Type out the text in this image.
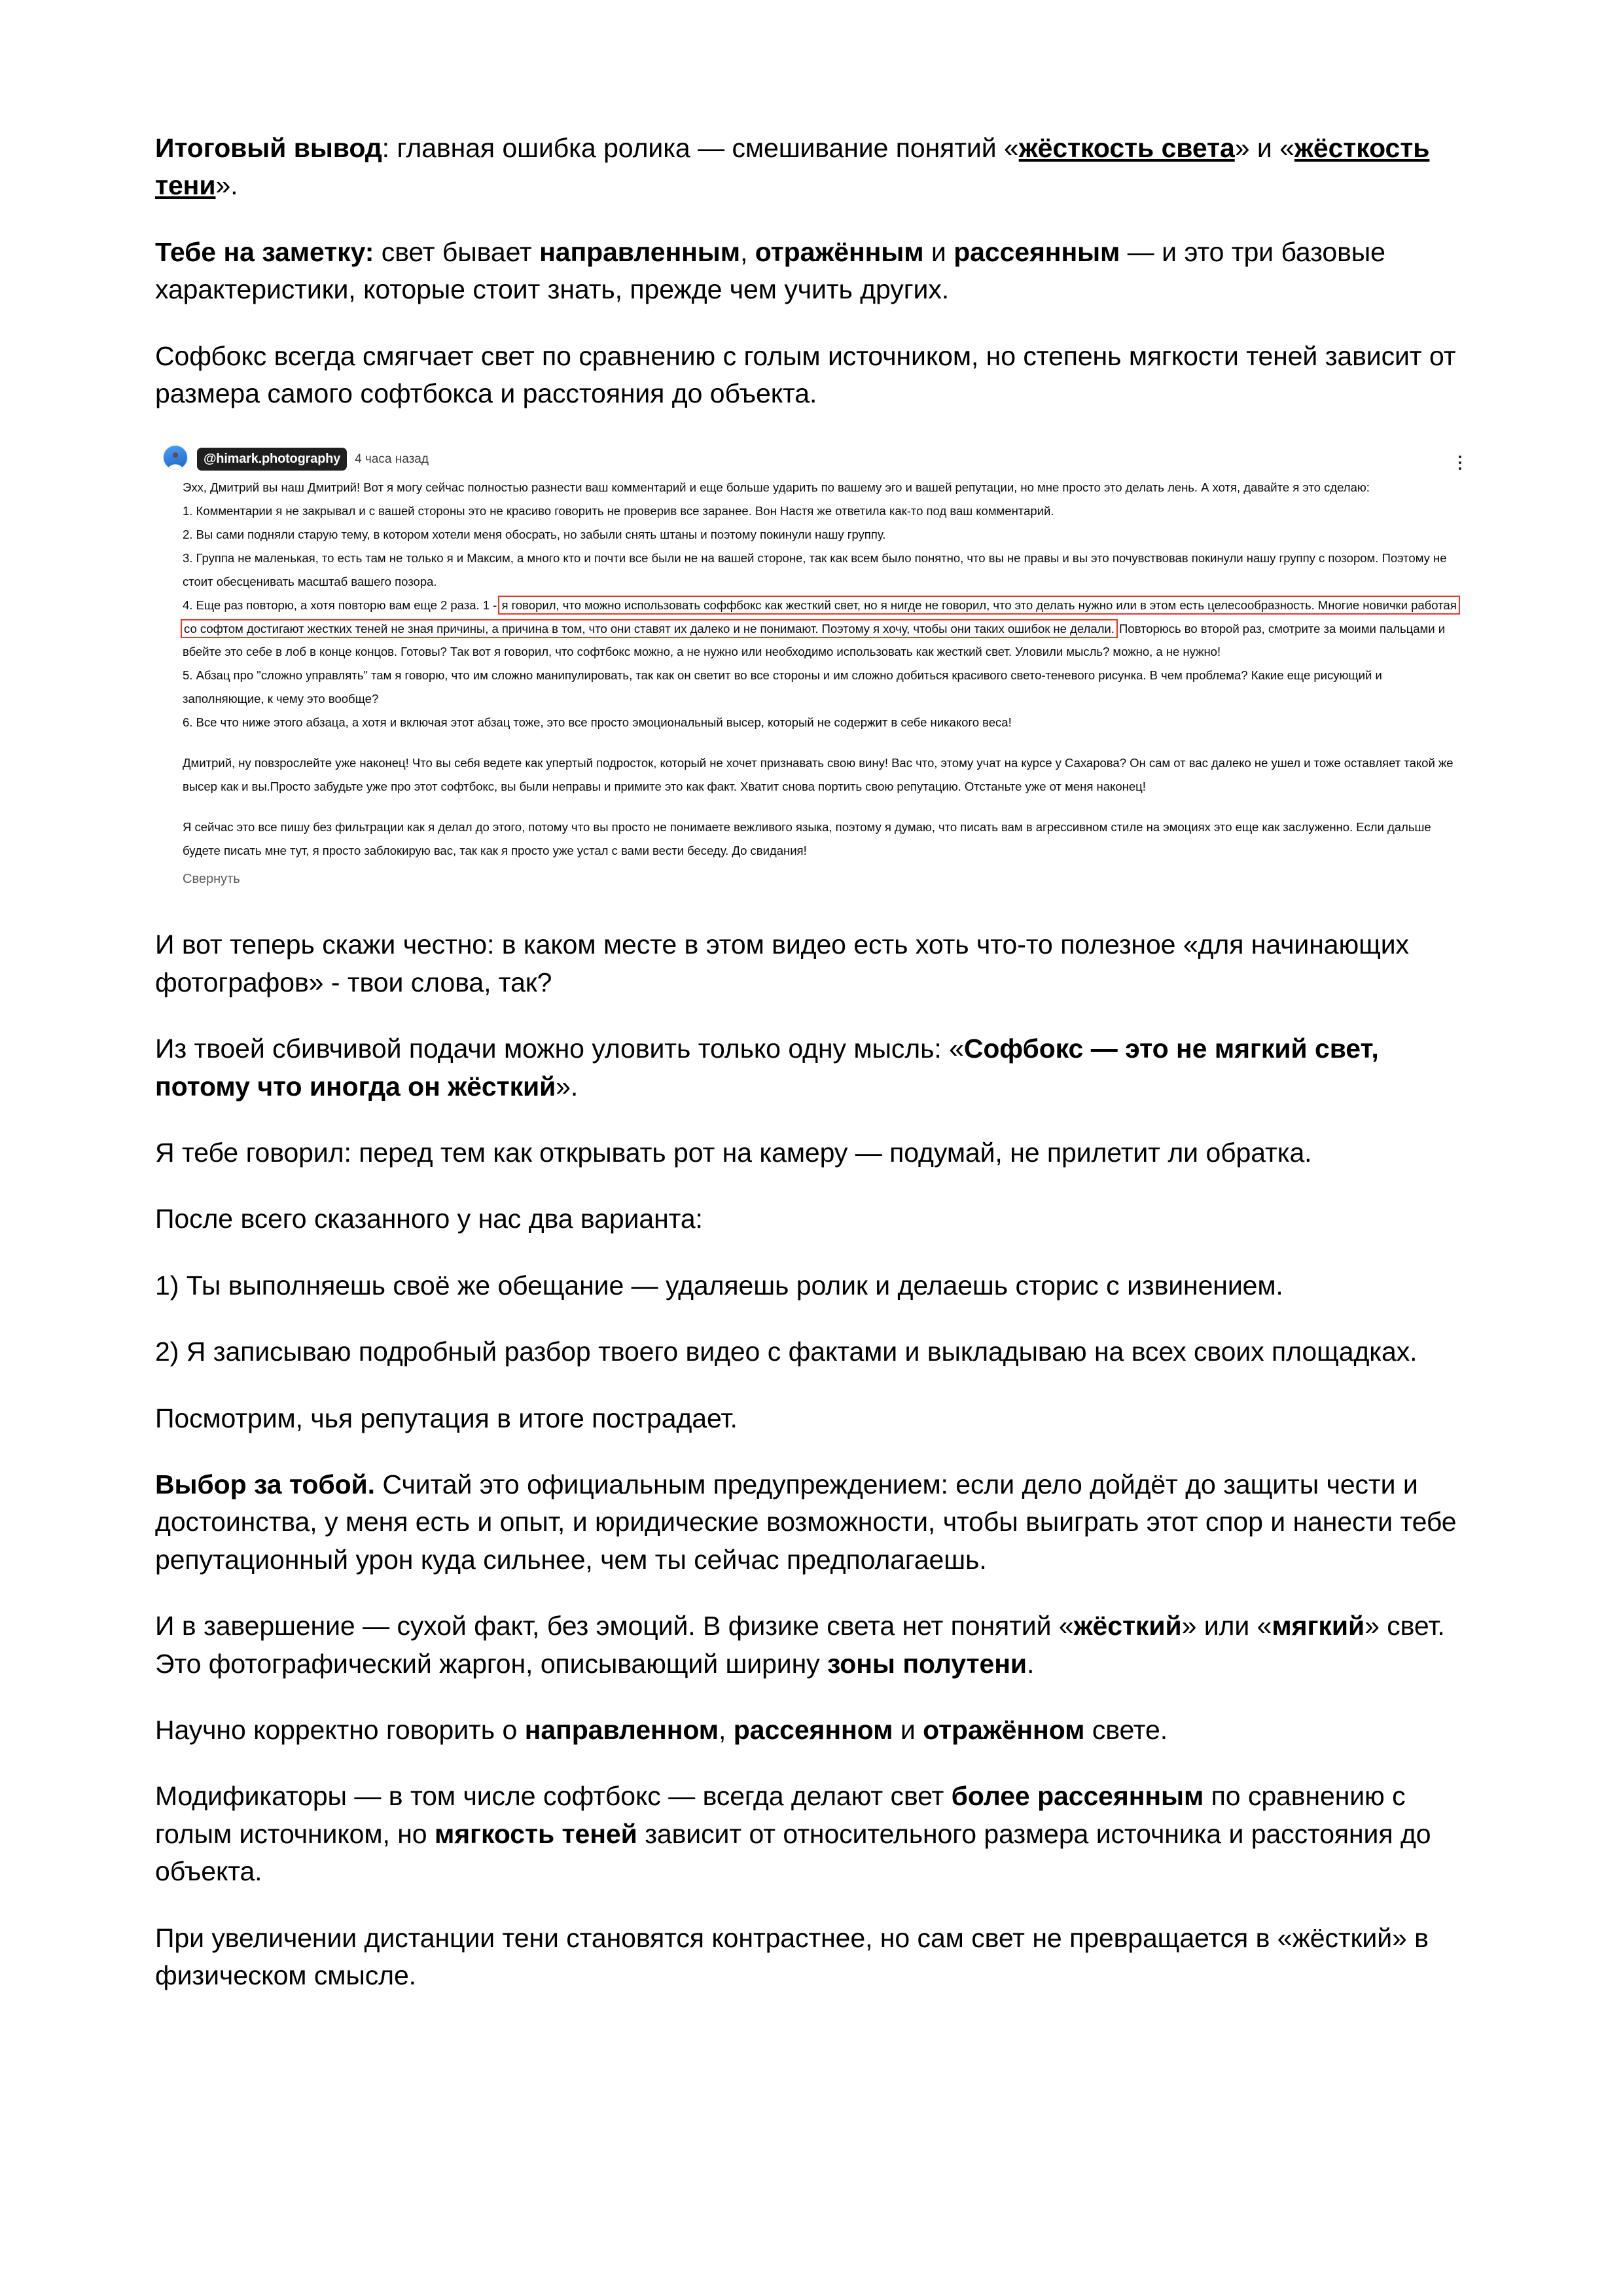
Итоговый вывод: главная ошибка ролика — смешивание понятий «жёсткость света» и «жёсткость тени».

Тебе на заметку: свет бывает направленным, отражённым и рассеянным — и это три базовые характеристики, которые стоит знать, прежде чем учить других.

Софбокс всегда смягчает свет по сравнению с голым источником, но степень мягкости теней зависит от размера самого софтбокса и расстояния до объекта.

@himark.photography	4 часа назад

Эхх, Дмитрий вы наш Дмитрий! Вот я могу сейчас полностью разнести ваш комментарий и еще больше ударить по вашему эго и вашей репутации, но мне просто это делать лень. А хотя, давайте я это сделаю:

1. Комментарии я не закрывал и с вашей стороны это не красиво говорить не проверив все заранее. Вон Настя же ответила как-то под ваш комментарий.

2. Вы сами подняли старую тему, в котором хотели меня обосрать, но забыли снять штаны и поэтому покинули нашу группу.

3. Группа не маленькая, то есть там не только я и Максим, а много кто и почти все были не на вашей стороне, так как всем было понятно, что вы не правы и вы это почувствовав покинули нашу группу с позором. Поэтому не стоит обесценивать масштаб вашего позора.

4. Еще раз повторю, а хотя повторю вам еще 2 раза. 1 - я говорил, что можно использовать соффбокс как жесткий свет, но я нигде не говорил, что это делать нужно или в этом есть целесообразность. Многие новички работая со софтом достигают жестких теней не зная причины, а причина в том, что они ставят их далеко и не понимают. Поэтому я хочу, чтобы они таких ошибок не делали. Повторюсь во второй раз, смотрите за моими пальцами и вбейте это себе в лоб в конце концов. Готовы? Так вот я говорил, что софтбокс можно, а не нужно или необходимо использовать как жесткий свет. Уловили мысль? можно, а не нужно!

5. Абзац про "сложно управлять" там я говорю, что им сложно манипулировать, так как он светит во все стороны и им сложно добиться красивого свето-теневого рисунка. В чем проблема? Какие еще рисующий и заполняющие, к чему это вообще?

6. Все что ниже этого абзаца, а хотя и включая этот абзац тоже, это все просто эмоциональный высер, который не содержит в себе никакого веса!

Дмитрий, ну повзрослейте уже наконец! Что вы себя ведете как упертый подросток, который не хочет признавать свою вину! Вас что, этому учат на курсе у Сахарова? Он сам от вас далеко не ушел и тоже оставляет такой же высер как и вы.Просто забудьте уже про этот софтбокс, вы были неправы и примите это как факт. Хватит снова портить свою репутацию. Отстаньте уже от меня наконец!

Я сейчас это все пишу без фильтрации как я делал до этого, потому что вы просто не понимаете вежливого языка, поэтому я думаю, что писать вам в агрессивном стиле на эмоциях это еще как заслуженно. Если дальше будете писать мне тут, я просто заблокирую вас, так как я просто уже устал с вами вести беседу. До свидания!

Свернуть

И вот теперь скажи честно: в каком месте в этом видео есть хоть что-то полезное «для начинающих фотографов» - твои слова, так?

Из твоей сбивчивой подачи можно уловить только одну мысль: «Софбокс — это не мягкий свет, потому что иногда он жёсткий».

Я тебе говорил: перед тем как открывать рот на камеру — подумай, не прилетит ли обратка.

После всего сказанного у нас два варианта:

1) Ты выполняешь своё же обещание — удаляешь ролик и делаешь сторис с извинением.

2) Я записываю подробный разбор твоего видео с фактами и выкладываю на всех своих площадках.

Посмотрим, чья репутация в итоге пострадает.

Выбор за тобой. Считай это официальным предупреждением: если дело дойдёт до защиты чести и достоинства, у меня есть и опыт, и юридические возможности, чтобы выиграть этот спор и нанести тебе репутационный урон куда сильнее, чем ты сейчас предполагаешь.

И в завершение — сухой факт, без эмоций. В физике света нет понятий «жёсткий» или «мягкий» свет. Это фотографический жаргон, описывающий ширину зоны полутени.

Научно корректно говорить о направленном, рассеянном и отражённом свете.

Модификаторы — в том числе софтбокс — всегда делают свет более рассеянным по сравнению с голым источником, но мягкость теней зависит от относительного размера источника и расстояния до объекта.

При увеличении дистанции тени становятся контрастнее, но сам свет не превращается в «жёсткий» в физическом смысле.
